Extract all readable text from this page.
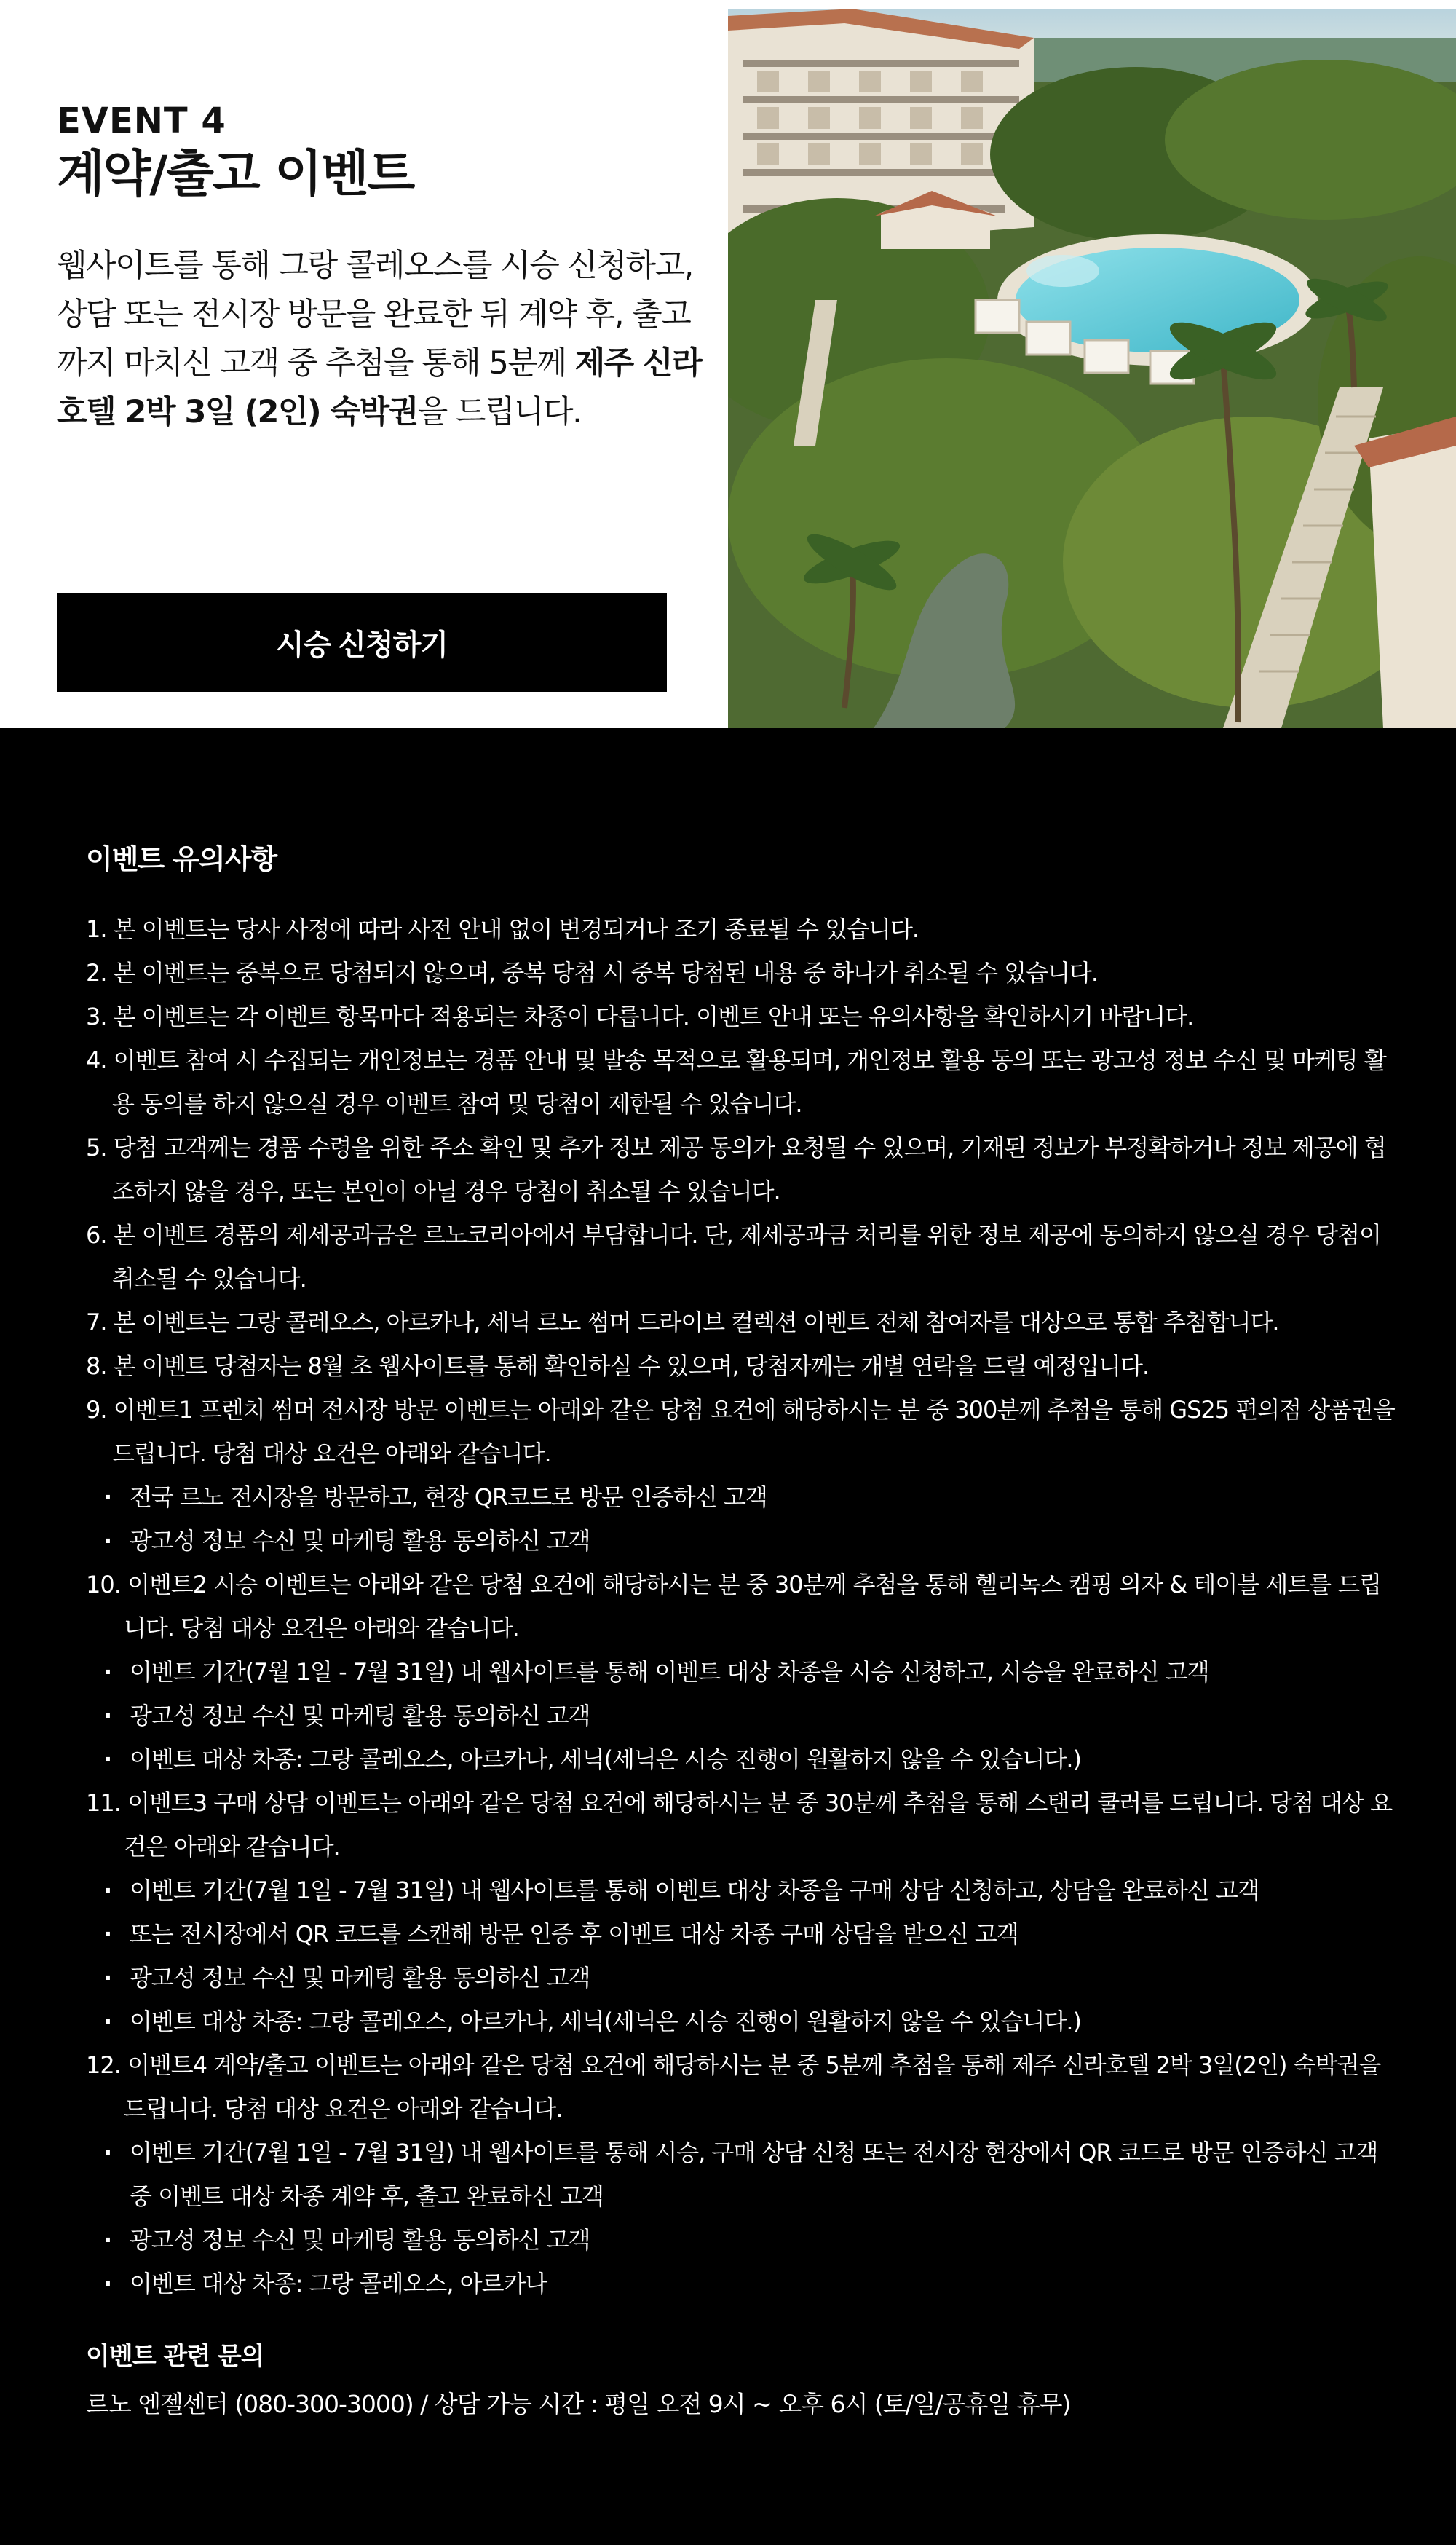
EVENT 4
계약/출고 이벤트

웹사이트를 통해 그랑 콜레오스를 시승 신청하고, 상담 또는 전시장 방문을 완료한 뒤 계약 후, 출고까지 마치신 고객 중 추첨을 통해 5분께 제주 신라호텔 2박 3일 (2인) 숙박권을 드립니다.

시승 신청하기
이벤트 유의사항
1. 본 이벤트는 당사 사정에 따라 사전 안내 없이 변경되거나 조기 종료될 수 있습니다.
2. 본 이벤트는 중복으로 당첨되지 않으며, 중복 당첨 시 중복 당첨된 내용 중 하나가 취소될 수 있습니다.
3. 본 이벤트는 각 이벤트 항목마다 적용되는 차종이 다릅니다. 이벤트 안내 또는 유의사항을 확인하시기 바랍니다.
4. 이벤트 참여 시 수집되는 개인정보는 경품 안내 및 발송 목적으로 활용되며, 개인정보 활용 동의 또는 광고성 정보 수신 및 마케팅 활용 동의를 하지 않으실 경우 이벤트 참여 및 당첨이 제한될 수 있습니다.
5. 당첨 고객께는 경품 수령을 위한 주소 확인 및 추가 정보 제공 동의가 요청될 수 있으며, 기재된 정보가 부정확하거나 정보 제공에 협조하지 않을 경우, 또는 본인이 아닐 경우 당첨이 취소될 수 있습니다.
6. 본 이벤트 경품의 제세공과금은 르노코리아에서 부담합니다. 단, 제세공과금 처리를 위한 정보 제공에 동의하지 않으실 경우 당첨이 취소될 수 있습니다.
7. 본 이벤트는 그랑 콜레오스, 아르카나, 세닉 르노 썸머 드라이브 컬렉션 이벤트 전체 참여자를 대상으로 통합 추첨합니다.
8. 본 이벤트 당첨자는 8월 초 웹사이트를 통해 확인하실 수 있으며, 당첨자께는 개별 연락을 드릴 예정입니다.
9. 이벤트1 프렌치 썸머 전시장 방문 이벤트는 아래와 같은 당첨 요건에 해당하시는 분 중 300분께 추첨을 통해 GS25 편의점 상품권을 드립니다. 당첨 대상 요건은 아래와 같습니다.
· 전국 르노 전시장을 방문하고, 현장 QR코드로 방문 인증하신 고객
· 광고성 정보 수신 및 마케팅 활용 동의하신 고객
10. 이벤트2 시승 이벤트는 아래와 같은 당첨 요건에 해당하시는 분 중 30분께 추첨을 통해 헬리녹스 캠핑 의자 & 테이블 세트를 드립니다. 당첨 대상 요건은 아래와 같습니다.
· 이벤트 기간(7월 1일 - 7월 31일) 내 웹사이트를 통해 이벤트 대상 차종을 시승 신청하고, 시승을 완료하신 고객
· 광고성 정보 수신 및 마케팅 활용 동의하신 고객
· 이벤트 대상 차종: 그랑 콜레오스, 아르카나, 세닉(세닉은 시승 진행이 원활하지 않을 수 있습니다.)
11. 이벤트3 구매 상담 이벤트는 아래와 같은 당첨 요건에 해당하시는 분 중 30분께 추첨을 통해 스탠리 쿨러를 드립니다. 당첨 대상 요건은 아래와 같습니다.
· 이벤트 기간(7월 1일 - 7월 31일) 내 웹사이트를 통해 이벤트 대상 차종을 구매 상담 신청하고, 상담을 완료하신 고객
· 또는 전시장에서 QR 코드를 스캔해 방문 인증 후 이벤트 대상 차종 구매 상담을 받으신 고객
· 광고성 정보 수신 및 마케팅 활용 동의하신 고객
· 이벤트 대상 차종: 그랑 콜레오스, 아르카나, 세닉(세닉은 시승 진행이 원활하지 않을 수 있습니다.)
12. 이벤트4 계약/출고 이벤트는 아래와 같은 당첨 요건에 해당하시는 분 중 5분께 추첨을 통해 제주 신라호텔 2박 3일(2인) 숙박권을 드립니다. 당첨 대상 요건은 아래와 같습니다.
· 이벤트 기간(7월 1일 - 7월 31일) 내 웹사이트를 통해 시승, 구매 상담 신청 또는 전시장 현장에서 QR 코드로 방문 인증하신 고객 중 이벤트 대상 차종 계약 후, 출고 완료하신 고객
· 광고성 정보 수신 및 마케팅 활용 동의하신 고객
· 이벤트 대상 차종: 그랑 콜레오스, 아르카나
이벤트 관련 문의
르노 엔젤센터 (080-300-3000) / 상담 가능 시간 : 평일 오전 9시 ~ 오후 6시 (토/일/공휴일 휴무)
